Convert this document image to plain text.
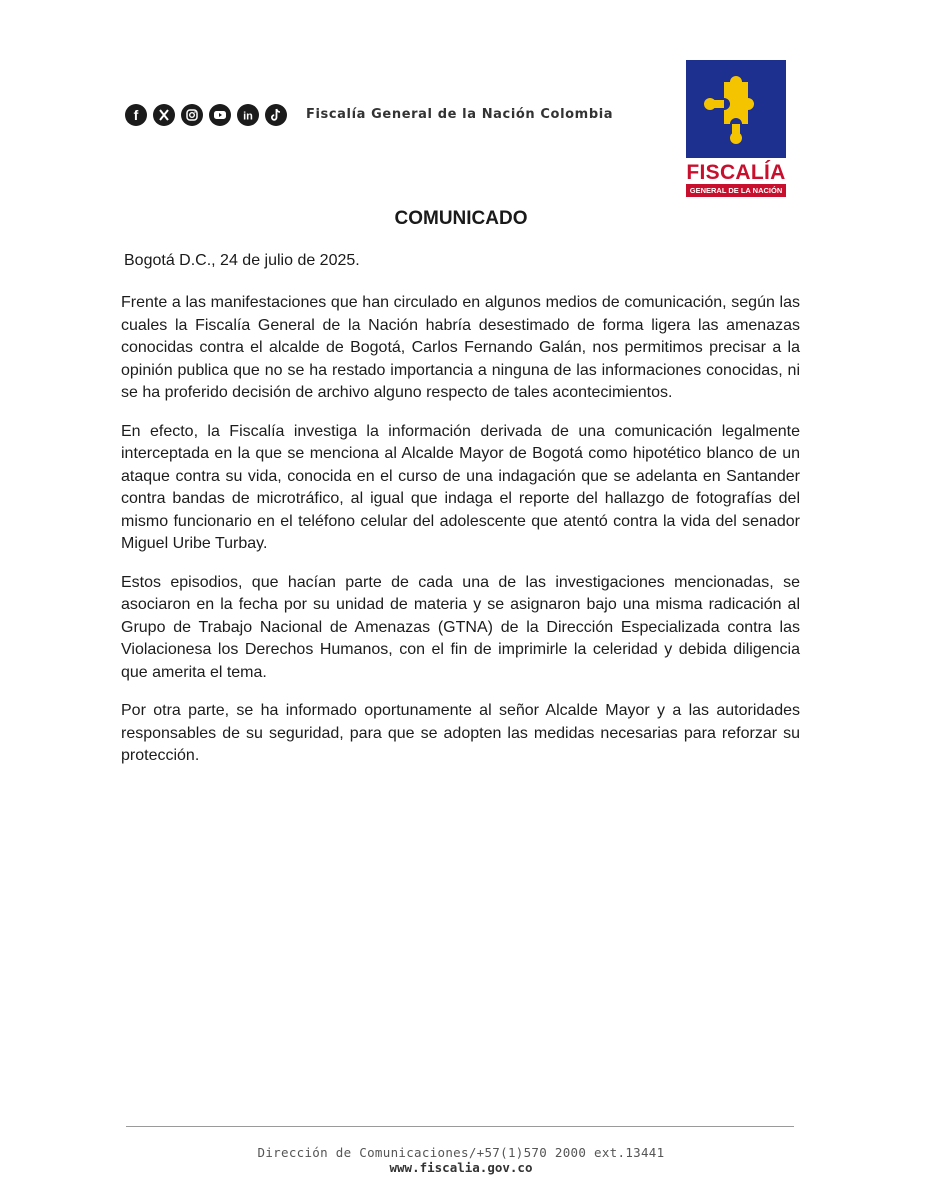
f	in	Fiscalía General de la Nación Colombia
FISCALÍA
GENERAL DE LA NACIÓN
COMUNICADO
Bogotá D.C., 24 de julio de 2025.

Frente a las manifestaciones que han circulado en algunos medios de comunicación, según las cuales la Fiscalía General de la Nación habría desestimado de forma ligera las amenazas conocidas contra el alcalde de Bogotá, Carlos Fernando Galán, nos permitimos precisar a la opinión publica que no se ha restado importancia a ninguna de las informaciones conocidas, ni se ha proferido decisión de archivo alguno respecto de tales acontecimientos.

En efecto, la Fiscalía investiga la información derivada de una comunicación legalmente interceptada en la que se menciona al Alcalde Mayor de Bogotá como hipotético blanco de un ataque contra su vida, conocida en el curso de una indagación que se adelanta en Santander contra bandas de microtráfico, al igual que indaga el reporte del hallazgo de fotografías del mismo funcionario en el teléfono celular del adolescente que atentó contra la vida del senador Miguel Uribe Turbay.

Estos episodios, que hacían parte de cada una de las investigaciones mencionadas, se asociaron en la fecha por su unidad de materia y se asignaron bajo una misma radicación al Grupo de Trabajo Nacional de Amenazas (GTNA) de la Dirección Especializada contra las Violacionesa los Derechos Humanos, con el fin de imprimirle la celeridad y debida diligencia que amerita el tema.

Por otra parte, se ha informado oportunamente al señor Alcalde Mayor y a las autoridades responsables de su seguridad, para que se adopten las medidas necesarias para reforzar su protección.

Dirección de Comunicaciones/+57(1)570 2000 ext.13441
www.fiscalia.gov.co
